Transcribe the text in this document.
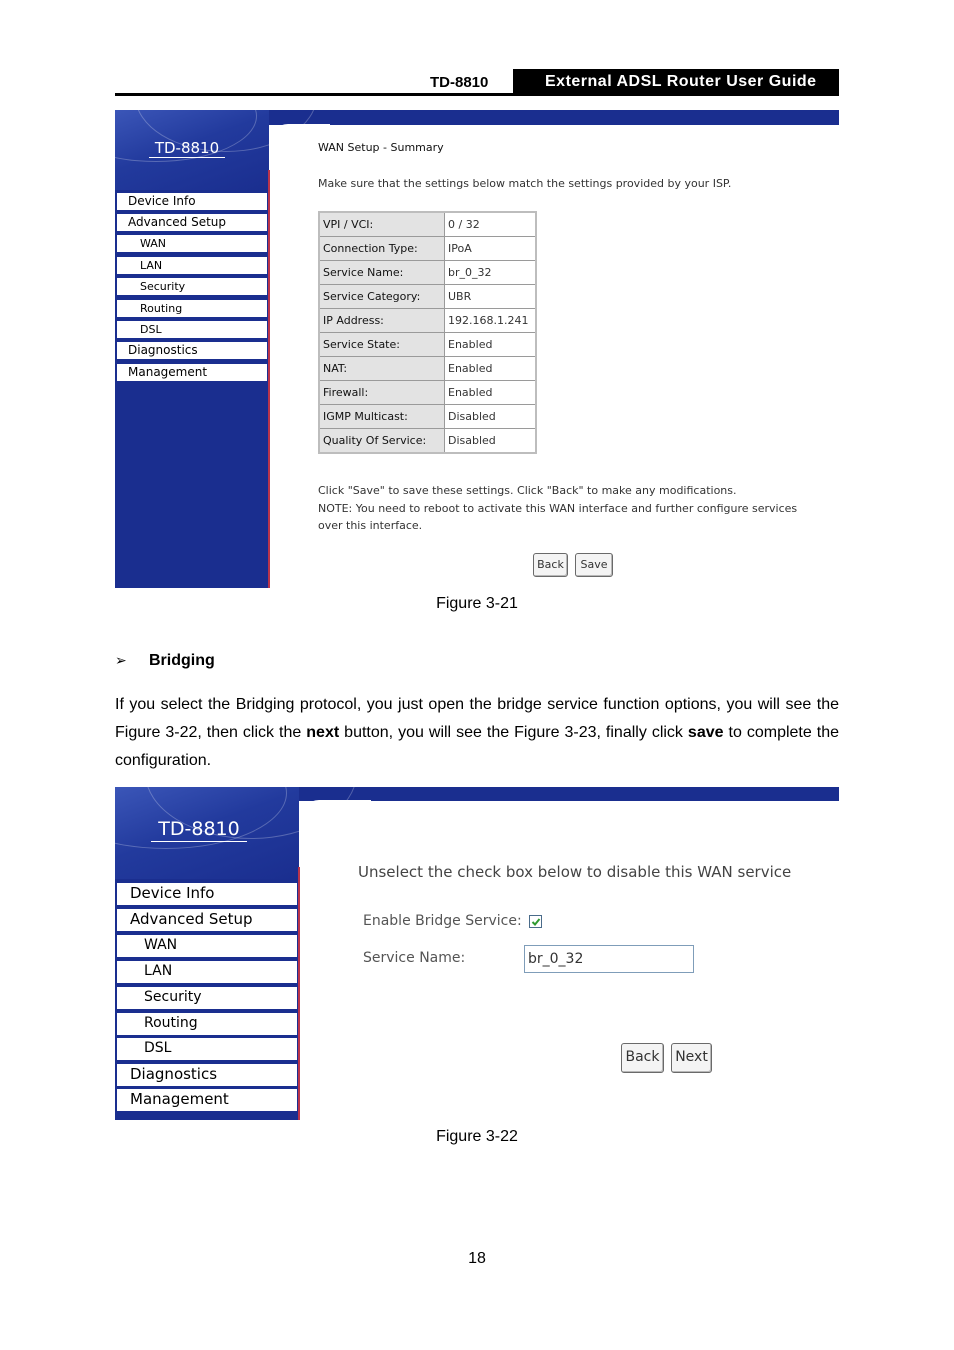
TD-8810	External ADSL Router User Guide
TD-8810
Device Info
Advanced Setup
WAN
LAN
Security
Routing
DSL
Diagnostics
Management
WAN Setup - Summary
Make sure that the settings below match the settings provided by your ISP.
VPI / VCI:	0 / 32
Connection Type:	IPoA
Service Name:	br_0_32
Service Category:	UBR
IP Address:	192.168.1.241
Service State:	Enabled
NAT:	Enabled
Firewall:	Enabled
IGMP Multicast:	Disabled
Quality Of Service:	Disabled
Click "Save" to save these settings. Click "Back" to make any modifications.
NOTE: You need to reboot to activate this WAN interface and further configure services
over this interface.
Back	Save
Figure 3-21
➢ Bridging
If you select the Bridging protocol, you just open the bridge service function options, you will see the Figure 3-22, then click the next button, you will see the Figure 3-23, finally click save to complete the configuration.
TD-8810
Device Info
Advanced Setup
WAN
LAN
Security
Routing
DSL
Diagnostics
Management
Unselect the check box below to disable this WAN service
Enable Bridge Service:
Service Name:
br_0_32
Back	Next
Figure 3-22
18
